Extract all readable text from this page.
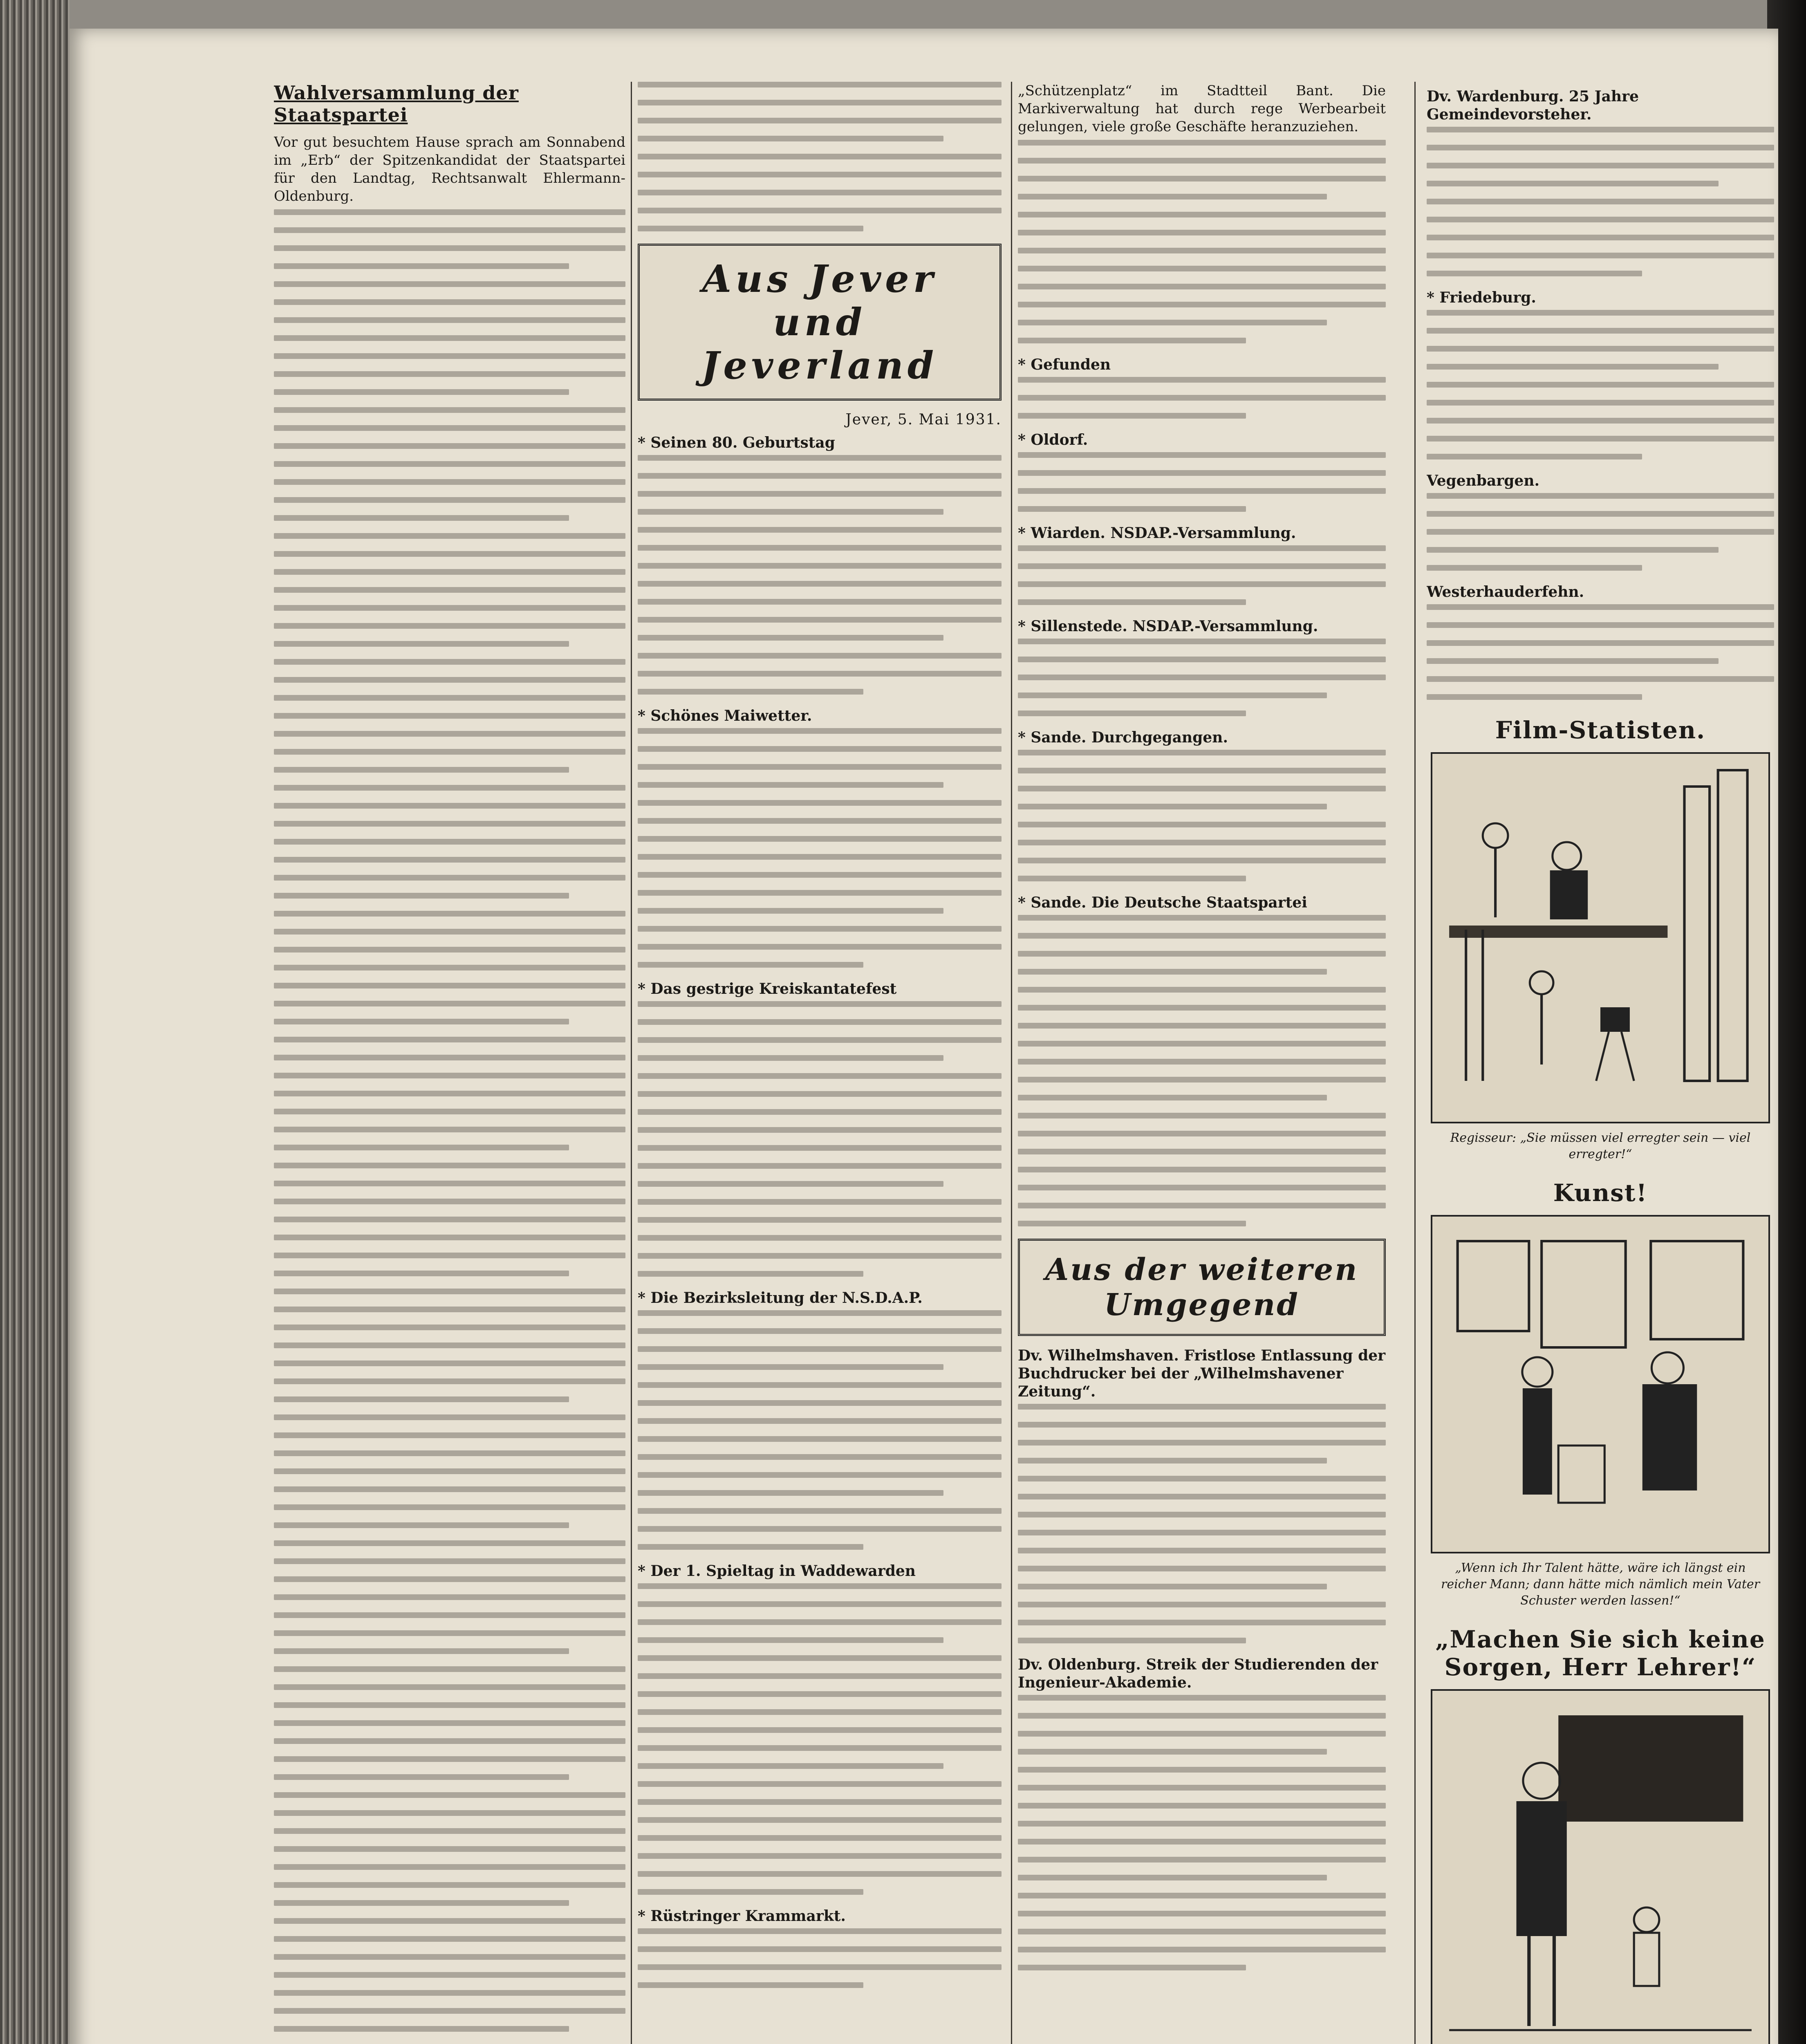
Wahlversammlung der Staatspartei

Vor gut besuchtem Hause sprach am Sonnabend im „Erb“ der Spitzenkandidat der Staatspartei für den Landtag, Rechtsanwalt Ehlermann-Oldenburg.

Aus Jever und Jeverland
Jever, 5. Mai 1931.
* Seinen 80. Geburtstag
* Schönes Maiwetter.
* Das gestrige Kreiskantatefest
* Die Bezirksleitung der N.S.D.A.P.
* Der 1. Spieltag in Waddewarden
* Rüstringer Krammarkt.

„Schützenplatz“ im Stadtteil Bant. Die Markiverwaltung hat durch rege Werbearbeit gelungen, viele große Geschäfte heranzuziehen.

* Gefunden
* Oldorf.
* Wiarden. NSDAP.-Versammlung.
* Sillenstede. NSDAP.-Versammlung.
* Sande. Durchgegangen.
* Sande. Die Deutsche Staatspartei
Aus der weiteren Umgegend
Dv. Wilhelmshaven. Fristlose Entlassung der Buchdrucker bei der „Wilhelmshavener Zeitung“.
Dv. Oldenburg. Streik der Studierenden der Ingenieur-Akademie.
Dv. Wardenburg. 25 Jahre Gemeindevorsteher.
* Friedeburg.
Vegenbargen.
Westerhauderfehn.
Film-Statisten.
Regisseur: „Sie müssen viel erregter sein — viel erregter!“
Kunst!
„Wenn ich Ihr Talent hätte, wäre ich längst ein reicher Mann; dann hätte mich nämlich mein Vater Schuster werden lassen!“
„Machen Sie sich keine Sorgen, Herr Lehrer!“
